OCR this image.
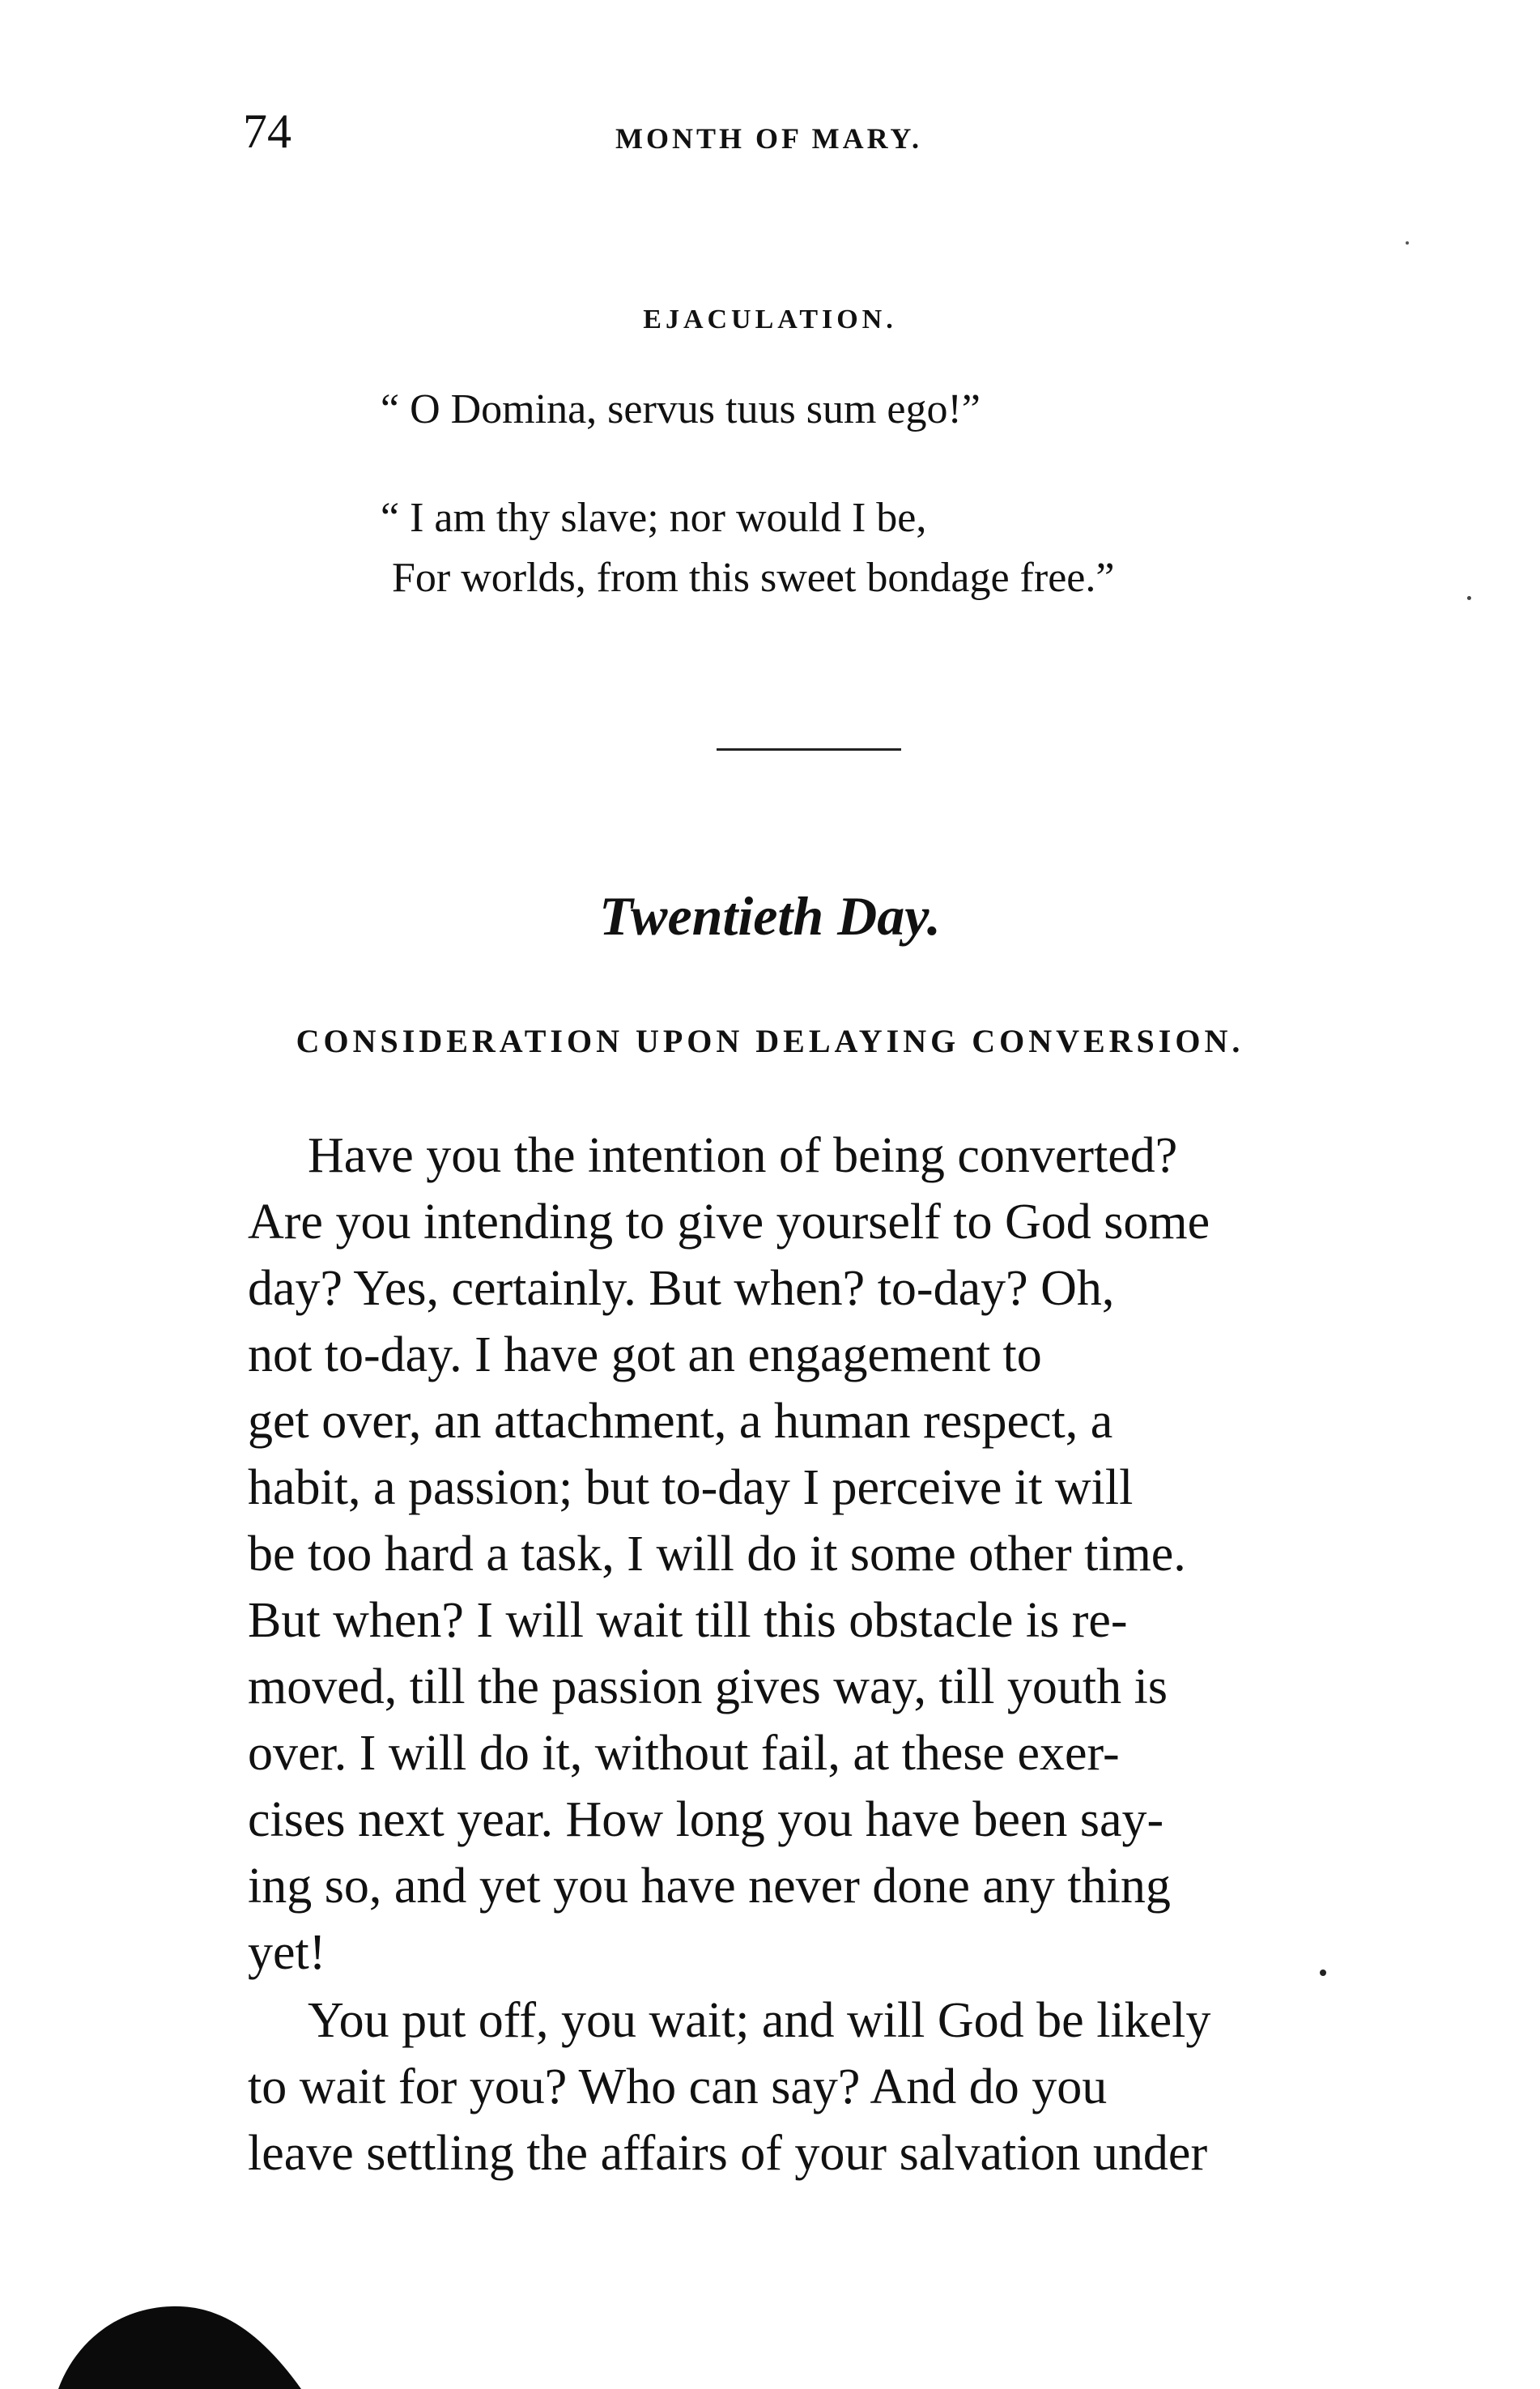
74	MONTH OF MARY.
EJACULATION.
“ O Domina, servus tuus sum ego!”
“ I am thy slave; nor would I be,
For worlds, from this sweet bondage free.”
Twentieth Day.
CONSIDERATION UPON DELAYING CONVERSION.
Have you the intention of being converted?
Are you intending to give yourself to God some
day? Yes, certainly. But when? to-day? Oh,
not to-day. I have got an engagement to
get over, an attachment, a human respect, a
habit, a passion; but to-day I perceive it will
be too hard a task, I will do it some other time.
But when? I will wait till this obstacle is re-
moved, till the passion gives way, till youth is
over. I will do it, without fail, at these exer-
cises next year. How long you have been say-
ing so, and yet you have never done any thing
yet!
You put off, you wait; and will God be likely
to wait for you? Who can say? And do you
leave settling the affairs of your salvation under
